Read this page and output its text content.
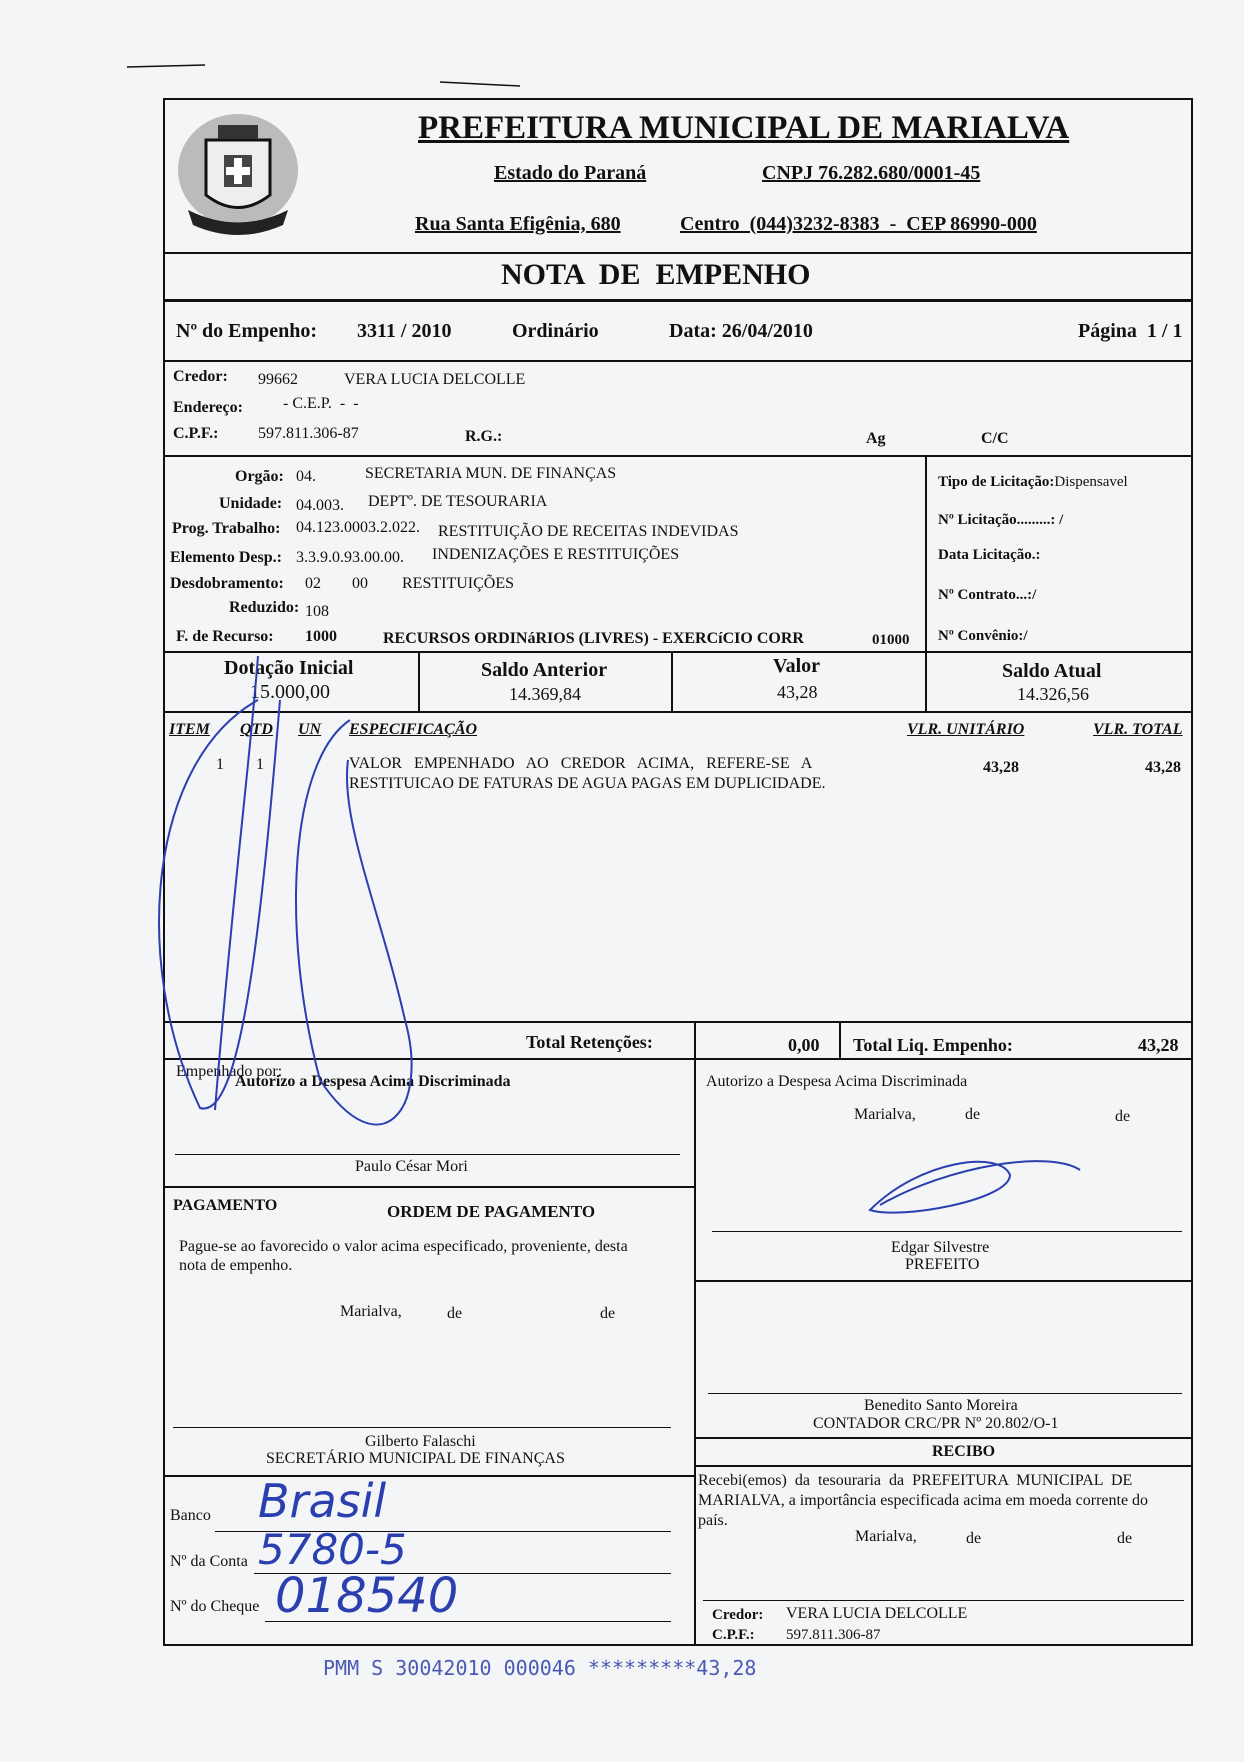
PREFEITURA MUNICIPAL DE MARIALVA
Estado do Paraná	CNPJ 76.282.680/0001-45
Rua Santa Efigênia, 680	Centro  (044)3232-8383  -  CEP 86990-000
NOTA  DE  EMPENHO
Nº do Empenho: 3311 / 2010	Ordinário	Data: 26/04/2010	Página  1 / 1
Credor: 99662	VERA LUCIA DELCOLLE
Endereço:	- C.E.P.  -  -
C.P.F.: 597.811.306-87	R.G.:	Ag	C/C
Orgão: 04.	SECRETARIA MUN. DE FINANÇAS
Unidade: 04.003. DEPTº. DE TESOURARIA
Prog. Trabalho: 04.123.0003.2.022. RESTITUIÇÃO DE RECEITAS INDEVIDAS
Elemento Desp.: 3.3.9.0.93.00.00. INDENIZAÇÕES E RESTITUIÇÕES
Desdobramento: 02 00 RESTITUIÇÕES
Reduzido: 108
F. de Recurso: 1000	RECURSOS ORDINáRIOS (LIVRES) - EXERCíCIO CORR	01000
Tipo de Licitação:Dispensavel
Nº Licitação.........: /
Data Licitação.:
Nº Contrato...:/
Nº Convênio:/
Dotação Inicial
15.000,00
Saldo Anterior
14.369,84
Valor
43,28
Saldo Atual
14.326,56
ITEM QTD UN ESPECIFICAÇÃO	VLR. UNITÁRIO	VLR. TOTAL
1 1	VALOR   EMPENHADO   AO   CREDOR   ACIMA,   REFERE-SE   A
RESTITUICAO DE FATURAS DE AGUA PAGAS EM DUPLICIDADE.
43,28	43,28
Total Retenções:	0,00 Total Liq. Empenho:	43,28
Empenhado por:
Paulo César Mori
Autorizo a Despesa Acima Discriminada	Autorizo a Despesa Acima Discriminada
Marialva,	de	de
Edgar Silvestre
PREFEITO
PAGAMENTO	ORDEM DE PAGAMENTO
Pague-se ao favorecido o valor acima especificado, proveniente, desta
nota de empenho.
Marialva,	de	de
Gilberto Falaschi
SECRETÁRIO MUNICIPAL DE FINANÇAS
Benedito Santo Moreira
CONTADOR CRC/PR Nº 20.802/O-1
RECIBO
Recebi(emos)  da  tesouraria  da  PREFEITURA  MUNICIPAL  DE
MARIALVA, a importância especificada acima em moeda corrente do
país.
Marialva,	de	de
Credor: VERA LUCIA DELCOLLE
C.P.F.: 597.811.306-87
Banco Brasil
Nº da Conta 5780-5
Nº do Cheque 018540
PMM S 30042010 000046 *********43,28
